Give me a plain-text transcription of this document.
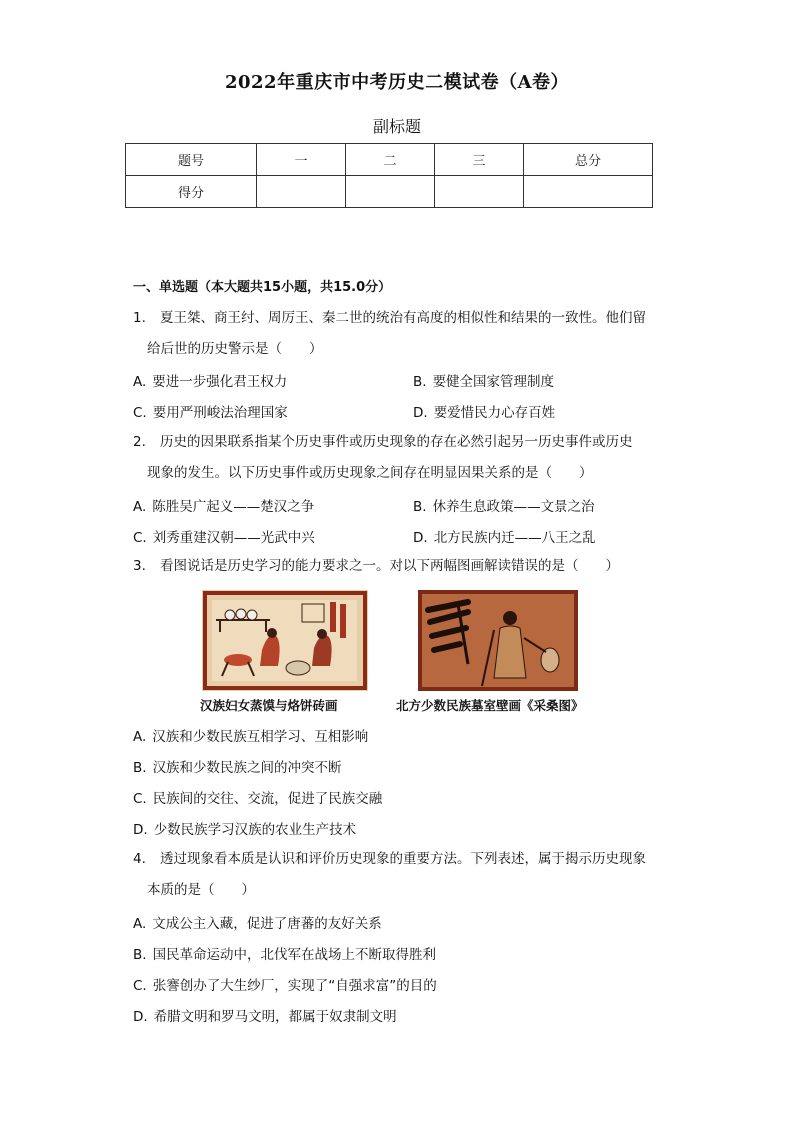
2022年重庆市中考历史二模试卷（A卷）
副标题
题号	一	二	三	总分
得分				
一、单选题（本大题共15小题，共15.0分）
1. 夏王桀、商王纣、周厉王、秦二世的统治有高度的相似性和结果的一致性。他们留
给后世的历史警示是（　　）
A. 要进一步强化君王权力	B. 要健全国家管理制度
C. 要用严刑峻法治理国家	D. 要爱惜民力心存百姓
2. 历史的因果联系指某个历史事件或历史现象的存在必然引起另一历史事件或历史
现象的发生。以下历史事件或历史现象之间存在明显因果关系的是（　　）
A. 陈胜吴广起义——楚汉之争	B. 休养生息政策——文景之治
C. 刘秀重建汉朝——光武中兴	D. 北方民族内迁——八王之乱
3. 看图说话是历史学习的能力要求之一。对以下两幅图画解读错误的是（　　）
汉族妇女蒸馍与烙饼砖画	北方少数民族墓室壁画《采桑图》
A. 汉族和少数民族互相学习、互相影响
B. 汉族和少数民族之间的冲突不断
C. 民族间的交往、交流，促进了民族交融
D. 少数民族学习汉族的农业生产技术
4. 透过现象看本质是认识和评价历史现象的重要方法。下列表述，属于揭示历史现象
本质的是（　　）
A. 文成公主入藏，促进了唐蕃的友好关系
B. 国民革命运动中，北伐军在战场上不断取得胜利
C. 张謇创办了大生纱厂，实现了“自强求富”的目的
D. 希腊文明和罗马文明，都属于奴隶制文明
